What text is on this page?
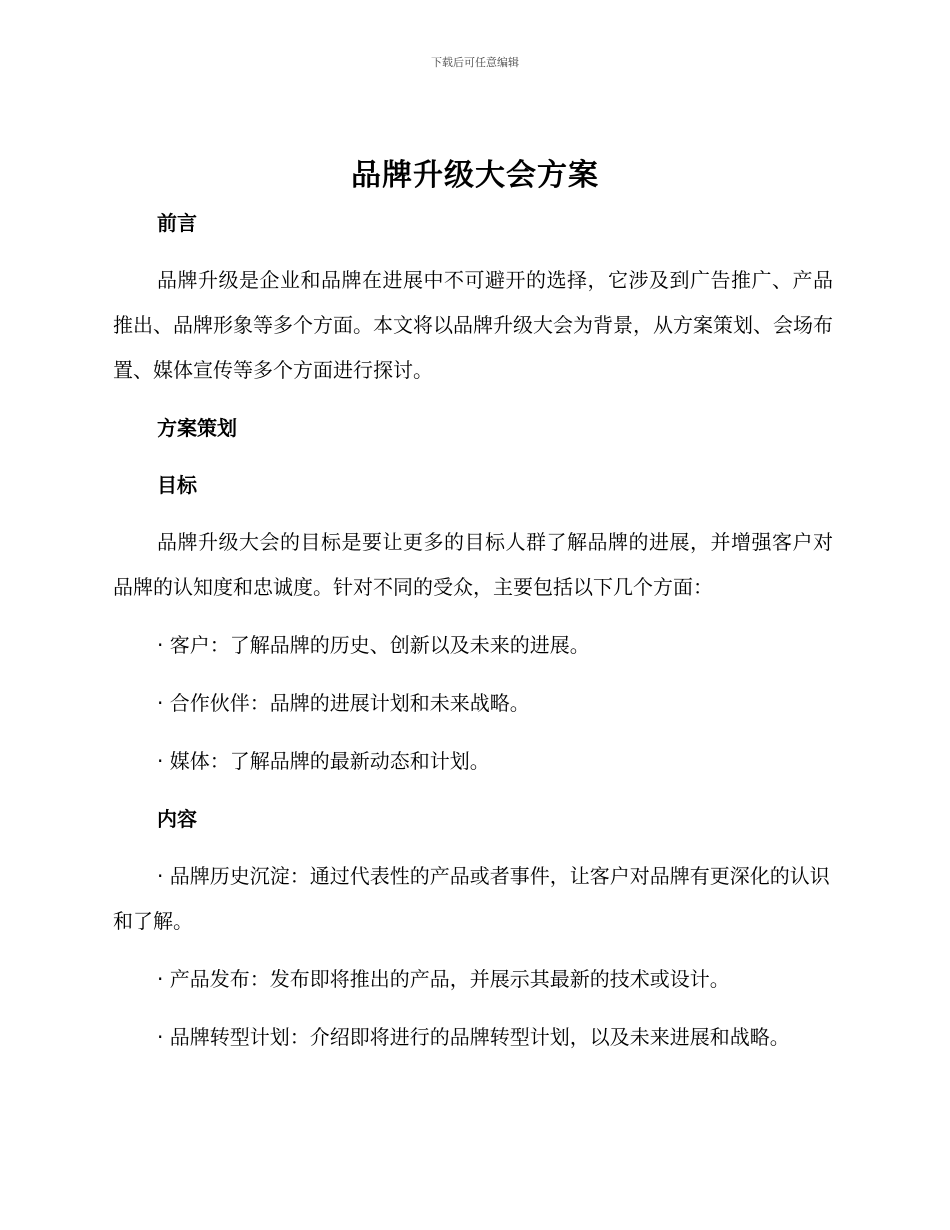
下载后可任意编辑
品牌升级大会方案
前言

品牌升级是企业和品牌在进展中不可避开的选择，它涉及到广告推广、产品推出、品牌形象等多个方面。本文将以品牌升级大会为背景，从方案策划、会场布置、媒体宣传等多个方面进行探讨。

方案策划
目标

品牌升级大会的目标是要让更多的目标人群了解品牌的进展，并增强客户对品牌的认知度和忠诚度。针对不同的受众，主要包括以下几个方面：

· 客户：了解品牌的历史、创新以及未来的进展。

· 合作伙伴：品牌的进展计划和未来战略。

· 媒体：了解品牌的最新动态和计划。

内容

· 品牌历史沉淀：通过代表性的产品或者事件，让客户对品牌有更深化的认识和了解。

· 产品发布：发布即将推出的产品，并展示其最新的技术或设计。

· 品牌转型计划：介绍即将进行的品牌转型计划，以及未来进展和战略。
